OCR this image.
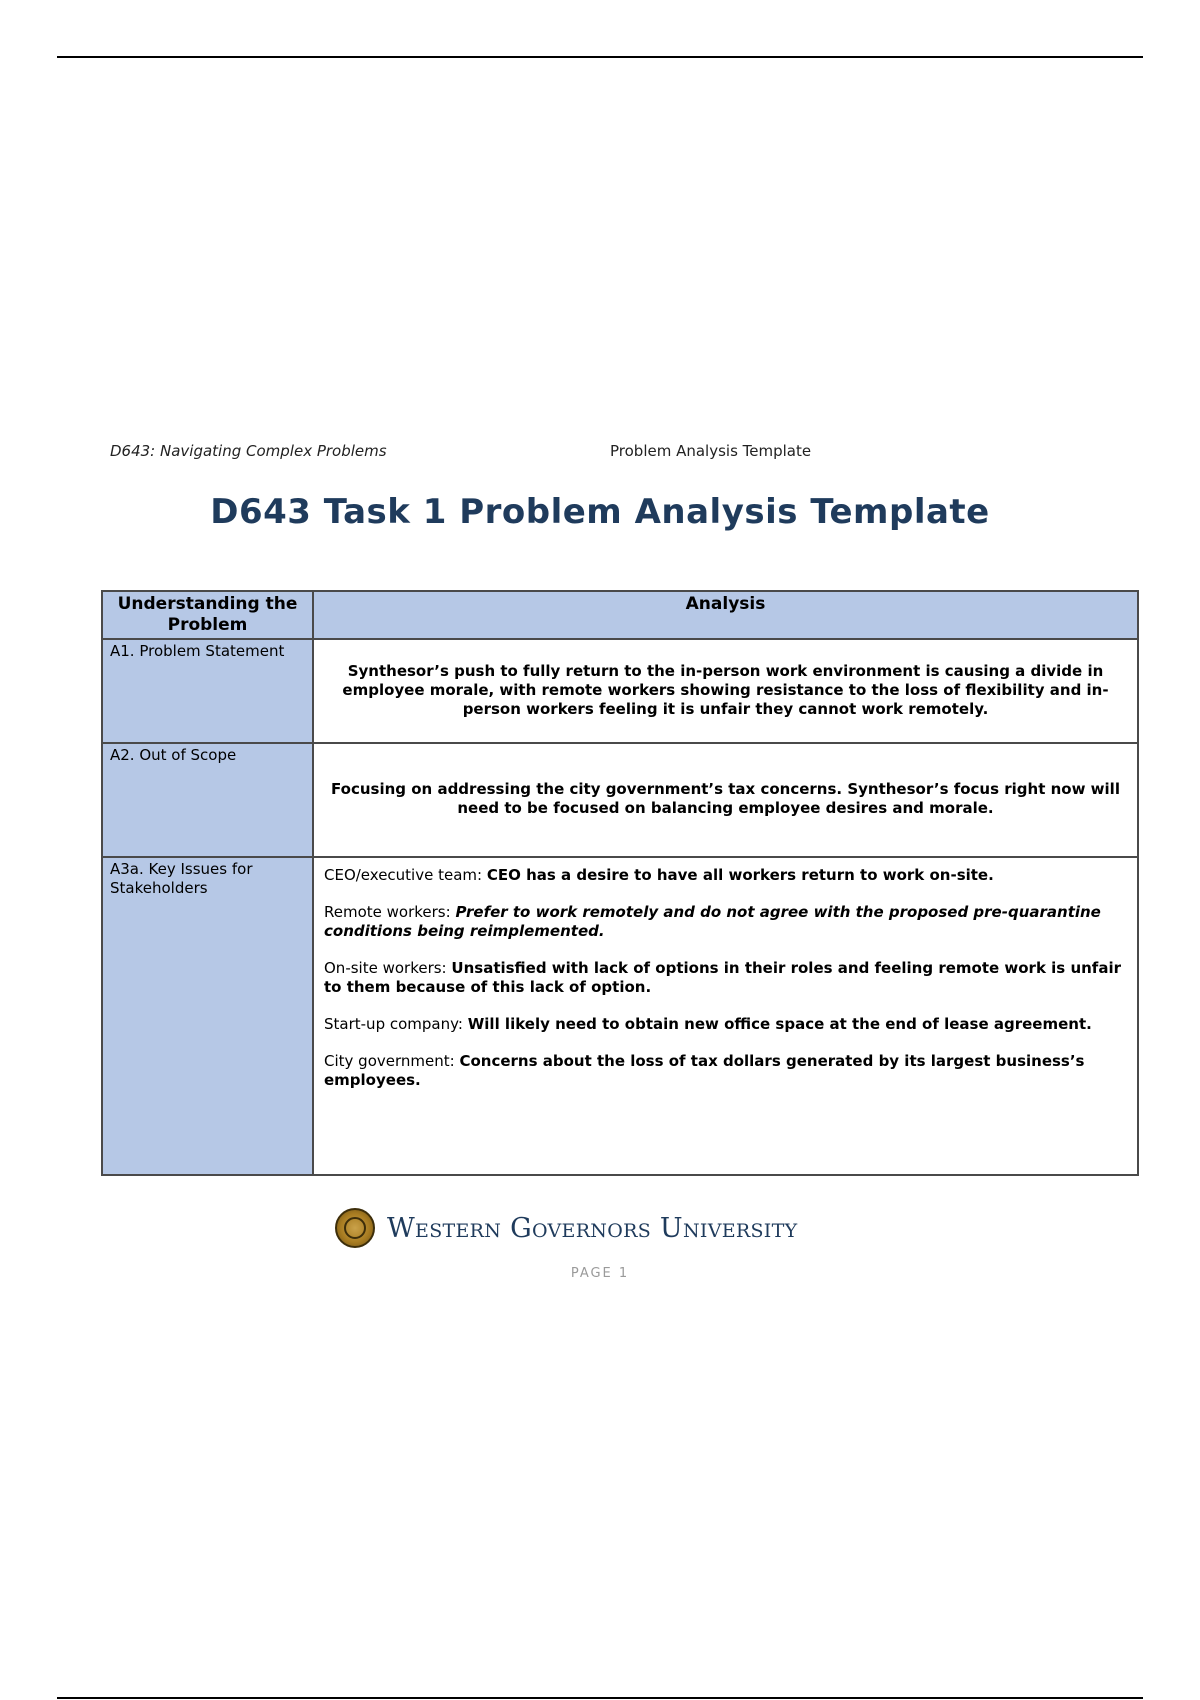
D643: Navigating Complex Problems	Problem Analysis Template
D643 Task 1 Problem Analysis Template
Understanding the Problem	Analysis
A1. Problem Statement	Synthesor’s push to fully return to the in-person work environment is causing a divide in employee morale, with remote workers showing resistance to the loss of flexibility and in-person workers feeling it is unfair they cannot work remotely.

A2. Out of Scope	Focusing on addressing the city government’s tax concerns. Synthesor’s focus right now will need to be focused on balancing employee desires and morale.

A3a. Key Issues for Stakeholders	CEO/executive team: CEO has a desire to have all workers return to work on-site.
Remote workers: Prefer to work remotely and do not agree with the proposed pre-quarantine conditions being reimplemented.
On-site workers: Unsatisfied with lack of options in their roles and feeling remote work is unfair to them because of this lack of option.
Start-up company: Will likely need to obtain new office space at the end of lease agreement.
City government: Concerns about the loss of tax dollars generated by its largest business’s employees.
Western Governors University
PAGE 1
